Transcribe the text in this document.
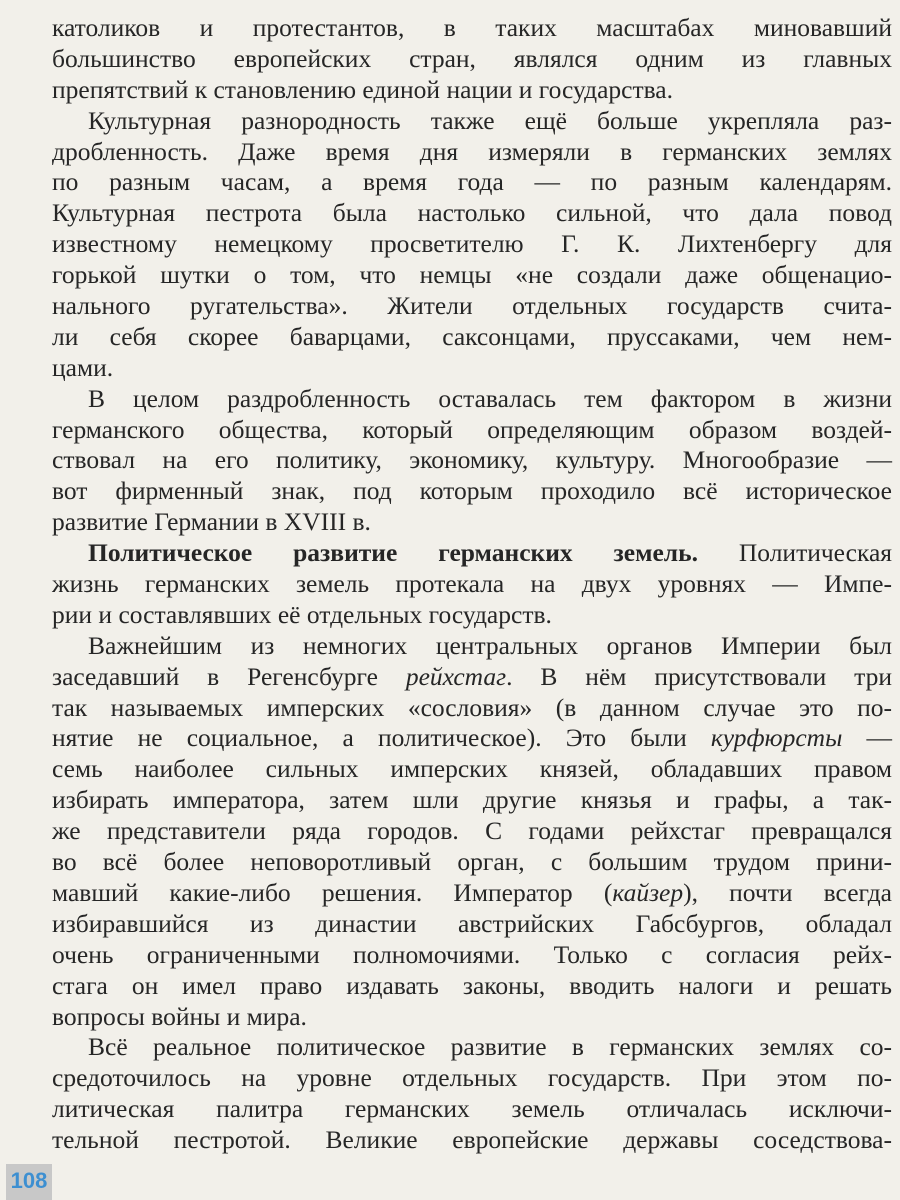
католиков и протестантов, в таких масштабах миновавший
большинство европейских стран, являлся одним из главных
препятствий к становлению единой нации и государства.
Культурная разнородность также ещё больше укрепляла раз-
дробленность. Даже время дня измеряли в германских землях
по разным часам, а время года — по разным календарям.
Культурная пестрота была настолько сильной, что дала повод
известному немецкому просветителю Г. К. Лихтенбергу для
горькой шутки о том, что немцы «не создали даже общенацио-
нального ругательства». Жители отдельных государств счита-
ли себя скорее баварцами, саксонцами, пруссаками, чем нем-
цами.
В целом раздробленность оставалась тем фактором в жизни
германского общества, который определяющим образом воздей-
ствовал на его политику, экономику, культуру. Многообразие —
вот фирменный знак, под которым проходило всё историческое
развитие Германии в XVIII в.
Политическое развитие германских земель. Политическая
жизнь германских земель протекала на двух уровнях — Импе-
рии и составлявших её отдельных государств.
Важнейшим из немногих центральных органов Империи был
заседавший в Регенсбурге рейхстаг. В нём присутствовали три
так называемых имперских «сословия» (в данном случае это по-
нятие не социальное, а политическое). Это были курфюрсты —
семь наиболее сильных имперских князей, обладавших правом
избирать императора, затем шли другие князья и графы, а так-
же представители ряда городов. С годами рейхстаг превращался
во всё более неповоротливый орган, с большим трудом прини-
мавший какие-либо решения. Император (кайзер), почти всегда
избиравшийся из династии австрийских Габсбургов, обладал
очень ограниченными полномочиями. Только с согласия рейх-
стага он имел право издавать законы, вводить налоги и решать
вопросы войны и мира.
Всё реальное политическое развитие в германских землях со-
средоточилось на уровне отдельных государств. При этом по-
литическая палитра германских земель отличалась исключи-
тельной пестротой. Великие европейские державы соседствова-
108
